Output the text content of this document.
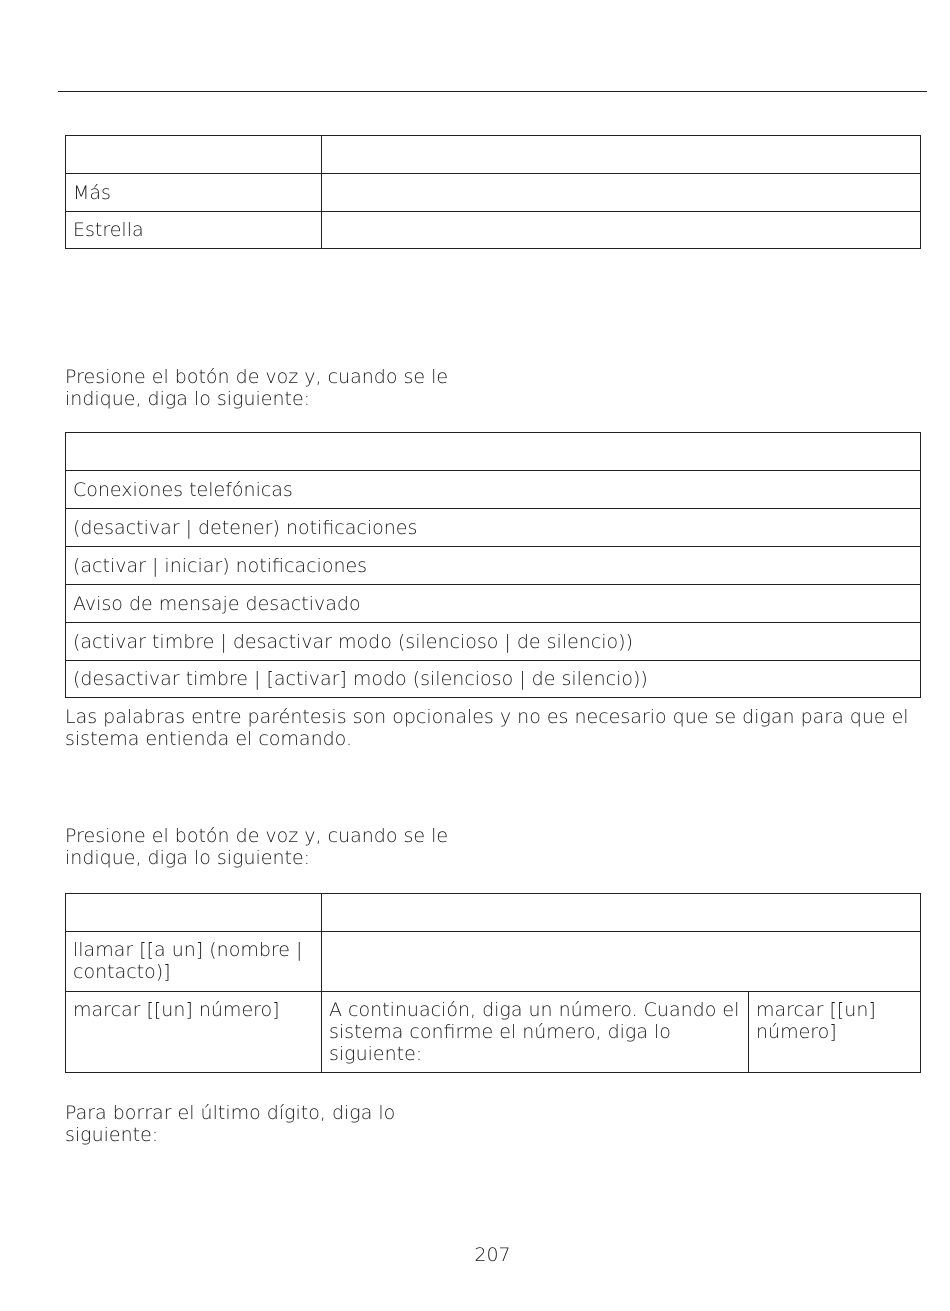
Más	
Estrella	

Presione el botón de voz y, cuando se le indique, diga lo siguiente:

Conexiones telefónicas
(desactivar | detener) notificaciones
(activar | iniciar) notificaciones
Aviso de mensaje desactivado
(activar timbre | desactivar modo (silencioso | de silencio))
(desactivar timbre | [activar] modo (silencioso | de silencio))

Las palabras entre paréntesis son opcionales y no es necesario que se digan para que el sistema entienda el comando.

Presione el botón de voz y, cuando se le indique, diga lo siguiente:

llamar [[a un] (nombre | contacto)]		
marcar [[un] número]	A continuación, diga un número. Cuando el sistema confirme el número, diga lo siguiente:	marcar [[un] número]

Para borrar el último dígito, diga lo siguiente:

207
